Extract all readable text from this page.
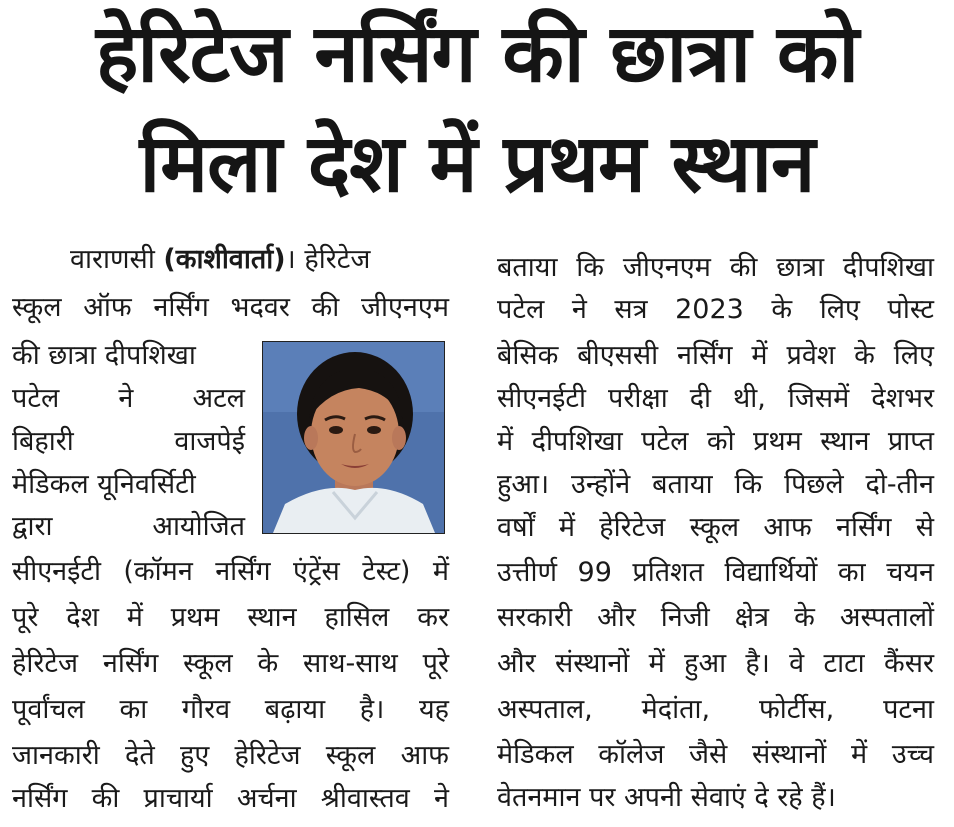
हेरिटेज नर्सिंग की छात्रा को
मिला देश में प्रथम स्थान
वाराणसी (काशीवार्ता)। हेरिटेज
स्कूल ऑफ नर्सिंग भदवर की जीएनएम
की छात्रा दीपशिखा
पटेल ने अटल
बिहारी वाजपेई
मेडिकल यूनिवर्सिटी
द्वारा आयोजित
सीएनईटी (कॉमन नर्सिंग एंट्रेंस टेस्ट) में
पूरे देश में प्रथम स्थान हासिल कर
हेरिटेज नर्सिंग स्कूल के साथ-साथ पूरे
पूर्वांचल का गौरव बढ़ाया है। यह
जानकारी देते हुए हेरिटेज स्कूल आफ
नर्सिंग की प्राचार्या अर्चना श्रीवास्तव ने
बताया कि जीएनएम की छात्रा दीपशिखा
पटेल ने सत्र 2023 के लिए पोस्ट
बेसिक बीएससी नर्सिंग में प्रवेश के लिए
सीएनईटी परीक्षा दी थी, जिसमें देशभर
में दीपशिखा पटेल को प्रथम स्थान प्राप्त
हुआ। उन्होंने बताया कि पिछले दो-तीन
वर्षों में हेरिटेज स्कूल आफ नर्सिंग से
उत्तीर्ण 99 प्रतिशत विद्यार्थियों का चयन
सरकारी और निजी क्षेत्र के अस्पतालों
और संस्थानों में हुआ है। वे टाटा कैंसर
अस्पताल, मेदांता, फोर्टीस, पटना
मेडिकल कॉलेज जैसे संस्थानों में उच्च
वेतनमान पर अपनी सेवाएं दे रहे हैं।
